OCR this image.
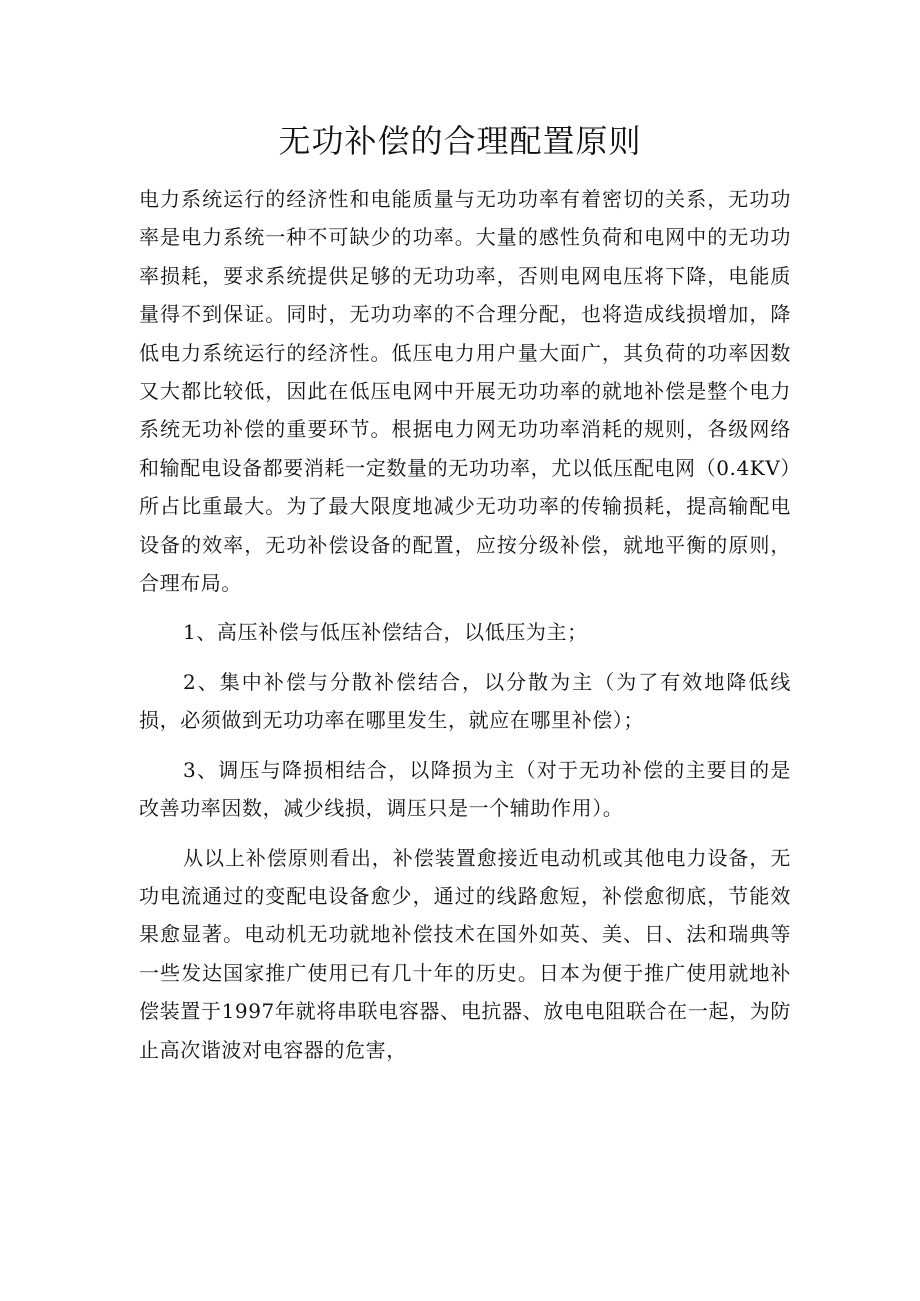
无功补偿的合理配置原则

电力系统运行的经济性和电能质量与无功功率有着密切的关系，无功功率是电力系统一种不可缺少的功率。大量的感性负荷和电网中的无功功率损耗，要求系统提供足够的无功功率，否则电网电压将下降，电能质量得不到保证。同时，无功功率的不合理分配，也将造成线损增加，降低电力系统运行的经济性。低压电力用户量大面广，其负荷的功率因数又大都比较低，因此在低压电网中开展无功功率的就地补偿是整个电力系统无功补偿的重要环节。根据电力网无功功率消耗的规则，各级网络和输配电设备都要消耗一定数量的无功功率，尤以低压配电网（0.4KV）所占比重最大。为了最大限度地减少无功功率的传输损耗，提高输配电设备的效率，无功补偿设备的配置，应按分级补偿，就地平衡的原则，合理布局。

1、高压补偿与低压补偿结合，以低压为主；

2、集中补偿与分散补偿结合，以分散为主（为了有效地降低线损，必须做到无功功率在哪里发生，就应在哪里补偿）；

3、调压与降损相结合，以降损为主（对于无功补偿的主要目的是改善功率因数，减少线损，调压只是一个辅助作用）。

从以上补偿原则看出，补偿装置愈接近电动机或其他电力设备，无功电流通过的变配电设备愈少，通过的线路愈短，补偿愈彻底，节能效果愈显著。电动机无功就地补偿技术在国外如英、美、日、法和瑞典等一些发达国家推广使用已有几十年的历史。日本为便于推广使用就地补偿装置于1997年就将串联电容器、电抗器、放电电阻联合在一起，为防止高次谐波对电容器的危害，
